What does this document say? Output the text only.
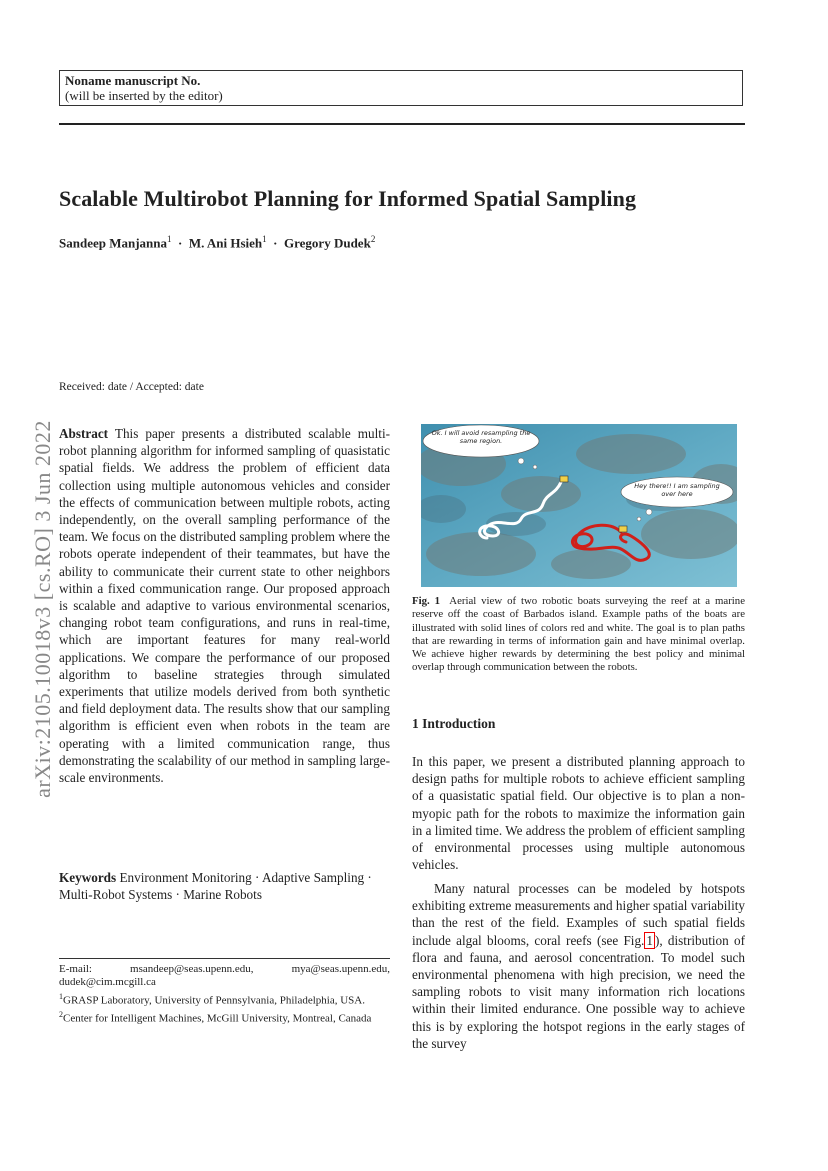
Noname manuscript No.
(will be inserted by the editor)
Scalable Multirobot Planning for Informed Spatial Sampling
Sandeep Manjanna$^1$ · M. Ani Hsieh$^1$ · Gregory Dudek$^2$
arXiv:2105.10018v3 [cs.RO] 3 Jun 2022
Received: date / Accepted: date
Abstract This paper presents a distributed scalable multi-robot planning algorithm for informed sampling of quasistatic spatial fields. We address the problem of efficient data collection using multiple autonomous vehicles and consider the effects of communication between multiple robots, acting independently, on the overall sampling performance of the team. We focus on the distributed sampling problem where the robots operate independent of their teammates, but have the ability to communicate their current state to other neighbors within a fixed communication range. Our proposed approach is scalable and adaptive to various environmental scenarios, changing robot team configurations, and runs in real-time, which are important features for many real-world applications. We compare the performance of our proposed algorithm to baseline strategies through simulated experiments that utilize models derived from both synthetic and field deployment data. The results show that our sampling algorithm is efficient even when robots in the team are operating with a limited communication range, thus demonstrating the scalability of our method in sampling large-scale environments.
Keywords Environment Monitoring · Adaptive Sampling · Multi-Robot Systems · Marine Robots
E-mail: msandeep@seas.upenn.edu, mya@seas.upenn.edu, dudek@cim.mcgill.ca
$^1$GRASP Laboratory, University of Pennsylvania, Philadelphia, USA.
$^2$Center for Intelligent Machines, McGill University, Montreal, Canada
Ok. I will avoid resampling the same region.
Hey there!! I am sampling over here
Fig. 1 Aerial view of two robotic boats surveying the reef at a marine reserve off the coast of Barbados island. Example paths of the boats are illustrated with solid lines of colors red and white. The goal is to plan paths that are rewarding in terms of information gain and have minimal overlap. We achieve higher rewards by determining the best policy and minimal overlap through communication between the robots.
1 Introduction
In this paper, we present a distributed planning approach to design paths for multiple robots to achieve efficient sampling of a quasistatic spatial field. Our objective is to plan a non-myopic path for the robots to maximize the information gain in a limited time. We address the problem of efficient sampling of environmental processes using multiple autonomous vehicles.
Many natural processes can be modeled by hotspots exhibiting extreme measurements and higher spatial variability than the rest of the field. Examples of such spatial fields include algal blooms, coral reefs (see Fig. 1 ), distribution of flora and fauna, and aerosol concentration. To model such environmental phenomena with high precision, we need the sampling robots to visit many information rich locations within their limited endurance. One possible way to achieve this is by exploring the hotspot regions in the early stages of the survey
